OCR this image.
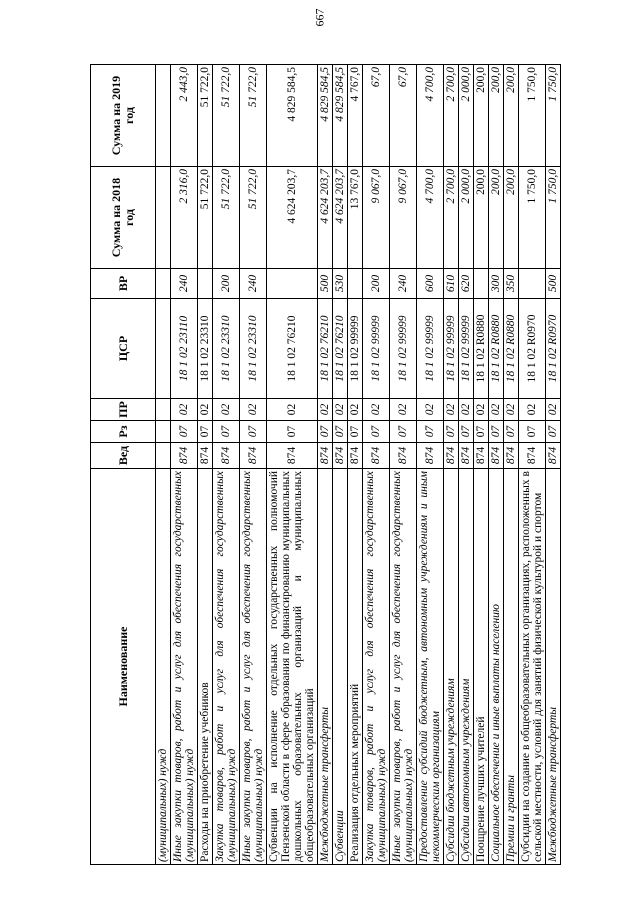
667
Наименование	Вед	Рз	ПР	ЦСР	ВР	Сумма на 2018 год	Сумма на 2019 год
(муниципальных) нужд							
Иные закупки товаров, работ и услуг для обеспечения государственных (муниципальных) нужд	874	07	02	18 1 02 23110	240	2 316,0	2 443,0
Расходы на приобретение учебников	874	07	02	18 1 02 23310		51 722,0	51 722,0
Закупка товаров, работ и услуг для обеспечения государственных (муниципальных) нужд	874	07	02	18 1 02 23310	200	51 722,0	51 722,0
Иные закупки товаров, работ и услуг для обеспечения государственных (муниципальных) нужд	874	07	02	18 1 02 23310	240	51 722,0	51 722,0
Субвенции на исполнение отдельных государственных полномочий Пензенской области в сфере образования по финансированию муниципальных дошкольных образовательных организаций и муниципальных общеобразовательных организаций	874	07	02	18 1 02 76210		4 624 203,7	4 829 584,5
Межбюджетные трансферты	874	07	02	18 1 02 76210	500	4 624 203,7	4 829 584,5
Субвенции	874	07	02	18 1 02 76210	530	4 624 203,7	4 829 584,5
Реализация отдельных мероприятий	874	07	02	18 1 02 99999		13 767,0	4 767,0
Закупка товаров, работ и услуг для обеспечения государственных (муниципальных) нужд	874	07	02	18 1 02 99999	200	9 067,0	67,0
Иные закупки товаров, работ и услуг для обеспечения государственных (муниципальных) нужд	874	07	02	18 1 02 99999	240	9 067,0	67,0
Предоставление субсидий бюджетным, автономным учреждениям и иным некоммерческим организациям	874	07	02	18 1 02 99999	600	4 700,0	4 700,0
Субсидии бюджетным учреждениям	874	07	02	18 1 02 99999	610	2 700,0	2 700,0
Субсидии автономным учреждениям	874	07	02	18 1 02 99999	620	2 000,0	2 000,0
Поощрение лучших учителей	874	07	02	18 1 02 R0880		200,0	200,0
Социальное обеспечение и иные выплаты населению	874	07	02	18 1 02 R0880	300	200,0	200,0
Премии и гранты	874	07	02	18 1 02 R0880	350	200,0	200,0
Субсидии на создание в общеобразовательных организациях, расположенных в сельской местности, условий для занятий физической культурой и спортом	874	07	02	18 1 02 R0970		1 750,0	1 750,0
Межбюджетные трансферты	874	07	02	18 1 02 R0970	500	1 750,0	1 750,0
